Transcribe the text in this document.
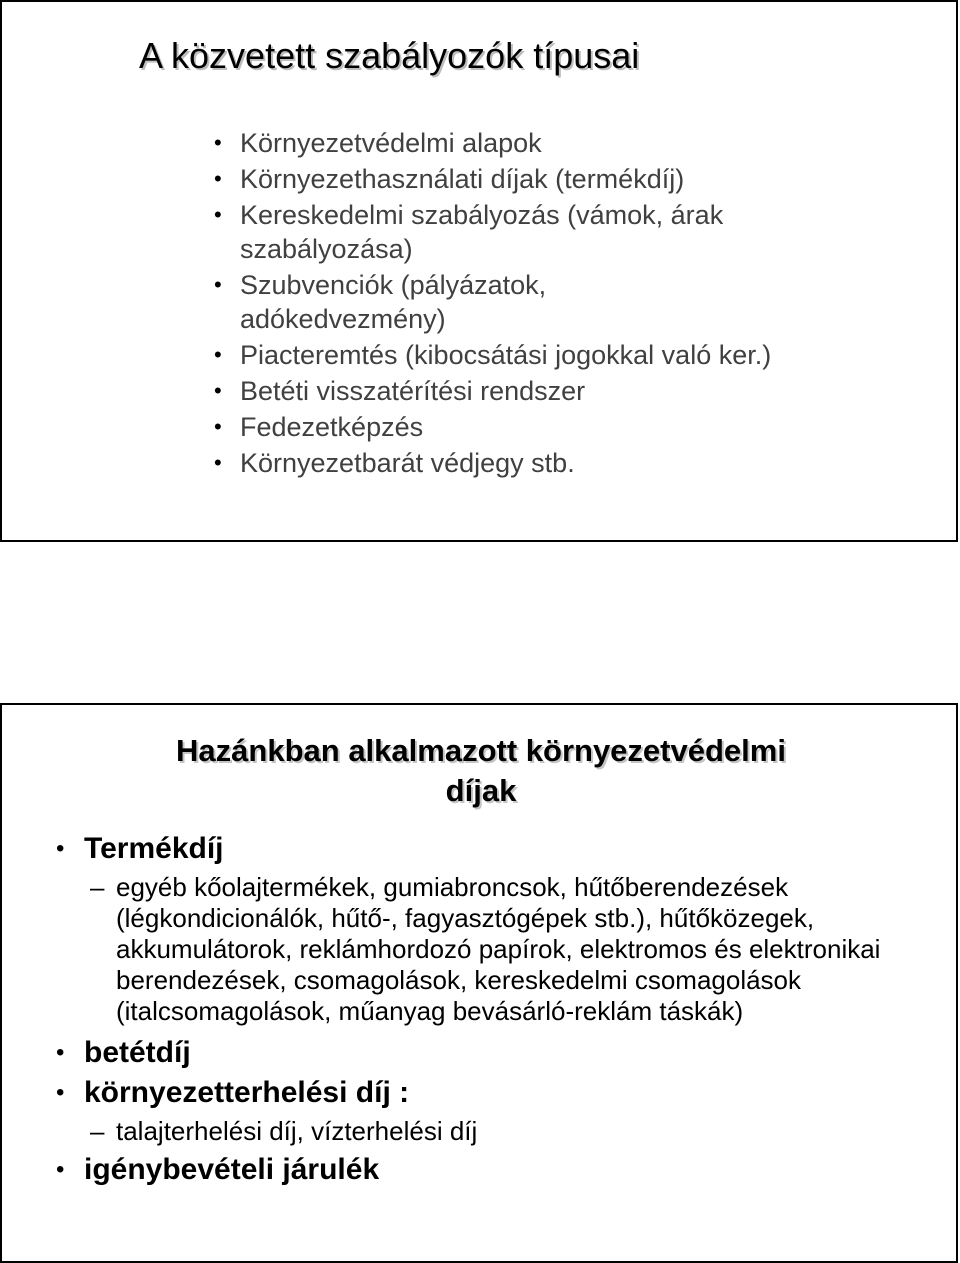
A közvetett szabályozók típusai
• Környezetvédelmi alapok
• Környezethasználati díjak (termékdíj)
• Kereskedelmi szabályozás (vámok, árak szabályozása)
• Szubvenciók (pályázatok, adókedvezmény)
• Piacteremtés (kibocsátási jogokkal való ker.)
• Betéti visszatérítési rendszer
• Fedezetképzés
• Környezetbarát védjegy stb.
Hazánkban alkalmazott környezetvédelmi
díjak
• Termékdíj
– egyéb kőolajtermékek, gumiabroncsok, hűtőberendezések (légkondicionálók, hűtő-, fagyasztógépek stb.), hűtőközegek, akkumulátorok, reklámhordozó papírok, elektromos és elektronikai berendezések, csomagolások, kereskedelmi csomagolások (italcsomagolások, műanyag bevásárló-reklám táskák)
• betétdíj
• környezetterhelési díj :
– talajterhelési díj, vízterhelési díj
• igénybevételi járulék
